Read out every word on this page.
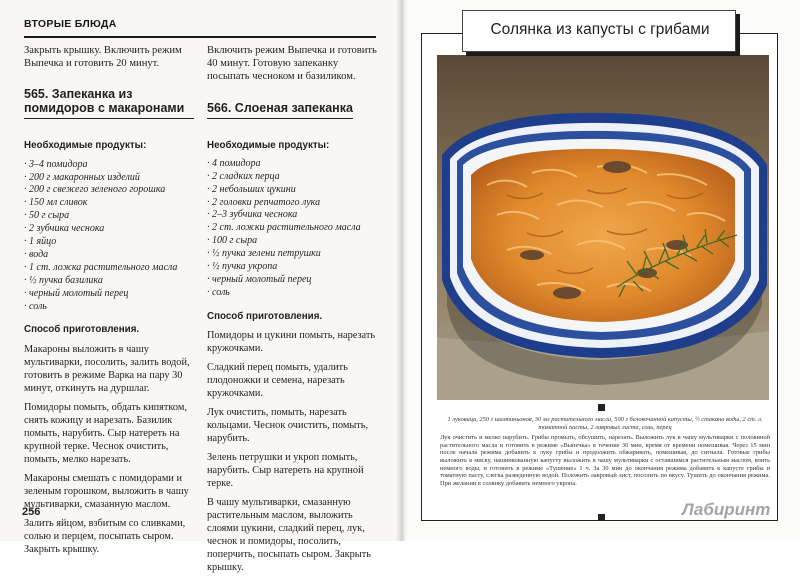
ВТОРЫЕ БЛЮДА

Закрыть крышку. Включить режим Выпечка и готовить 20 минут.

565. Запеканка из помидоров с макаронами
Необходимые продукты:
· 3–4 помидора
· 200 г макаронных изделий
· 200 г свежего зеленого горошка
· 150 мл сливок
· 50 г сыра
· 2 зубчика чеснока
· 1 яйцо
· вода
· 1 ст. ложка растительного масла
· ½ пучка базилика
· черный молотый перец
· соль
Способ приготовления.

Макароны выложить в чашу мультиварки, посолить, залить водой, готовить в режиме Варка на пару 30 минут, откинуть на дуршлаг.

Помидоры помыть, обдать кипятком, снять кожицу и нарезать. Базилик помыть, нарубить. Сыр натереть на крупной терке. Чеснок очистить, помыть, мелко нарезать.

Макароны смешать с помидорами и зеленым горошком, выложить в чашу мультиварки, смазанную маслом.

Залить яйцом, взбитым со сливками, солью и перцем, посыпать сыром. Закрыть крышку.

Включить режим Выпечка и готовить 40 минут. Готовую запеканку посыпать чесноком и базиликом.

566. Слоеная запеканка
Необходимые продукты:
· 4 помидора
· 2 сладких перца
· 2 небольших цукини
· 2 головки репчатого лука
· 2–3 зубчика чеснока
· 2 ст. ложки растительного масла
· 100 г сыра
· ½ пучка зелени петрушки
· ½ пучка укропа
· черный молотый перец
· соль
Способ приготовления.

Помидоры и цукини помыть, нарезать кружочками.

Сладкий перец помыть, удалить плодоножки и семена, нарезать кружочками.

Лук очистить, помыть, нарезать кольцами. Чеснок очистить, помыть, нарубить.

Зелень петрушки и укроп помыть, нарубить. Сыр натереть на крупной терке.

В чашу мультиварки, смазанную растительным маслом, выложить слоями цукини, сладкий перец, лук, чеснок и помидоры, посолить, поперчить, посыпать сыром. Закрыть крышку.

256
Солянка из капусты с грибами
1 луковица, 250 г шампиньонов, 30 мл растительного масла, 500 г белокочанной капусты, ½ стакана воды, 2 ст. л. томатной пасты, 2 лавровых листа, соль, перец
Лук очистить и мелко нарубить. Грибы промыть, обсушить, нарезать. Выложить лук в чашу мультиварки с половиной растительного масла и готовить в режиме «Выпечка» в течение 30 мин, время от времени помешивая. Через 15 мин после начала режима добавить к луку грибы и продолжить обжаривать, помешивая, до сигнала. Готовые грибы выложить в миску, нашинкованную капусту выложить в чашу мультиварки с оставшимся растительным маслом, влить немного воды, и готовить в режиме «Тушение» 1 ч. За 30 мин до окончания режима добавить к капусте грибы и томатную пасту, слегка разведенную водой. Положить лавровый лист, посолить по вкусу. Тушить до окончания режима. При желании в солянку добавить немного укропа.
Лабиринт
